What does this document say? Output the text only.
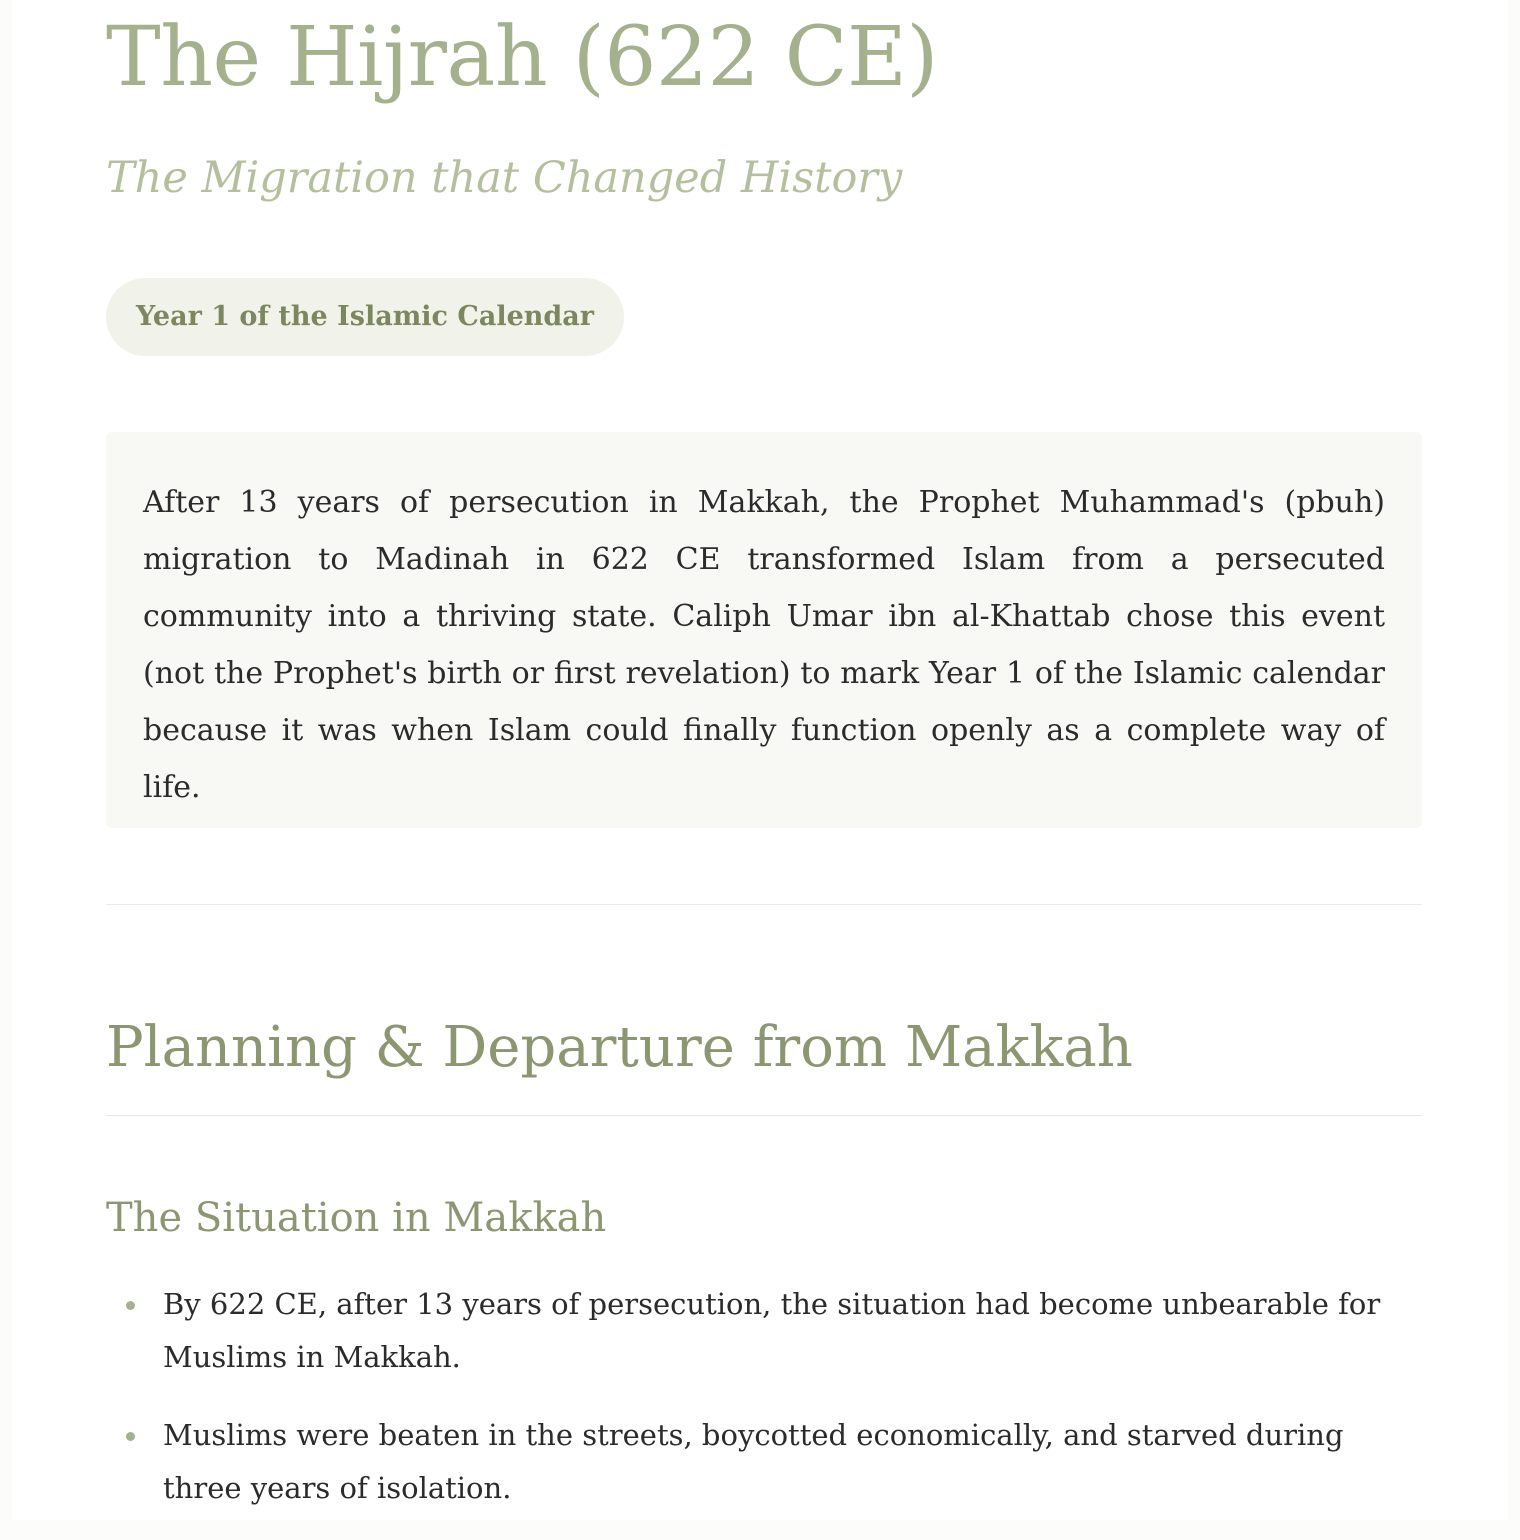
The Hijrah (622 CE)
The Migration that Changed History
Year 1 of the Islamic Calendar

After 13 years of persecution in Makkah, the Prophet Muhammad's (pbuh) migration to Madinah in 622 CE transformed Islam from a persecuted community into a thriving state. Caliph Umar ibn al-Khattab chose this event (not the Prophet's birth or first revelation) to mark Year 1 of the Islamic calendar because it was when Islam could finally function openly as a complete way of life.

Planning & Departure from Makkah
The Situation in Makkah
By 622 CE, after 13 years of persecution, the situation had become unbearable for Muslims in Makkah.
Muslims were beaten in the streets, boycotted economically, and starved during three years of isolation.
